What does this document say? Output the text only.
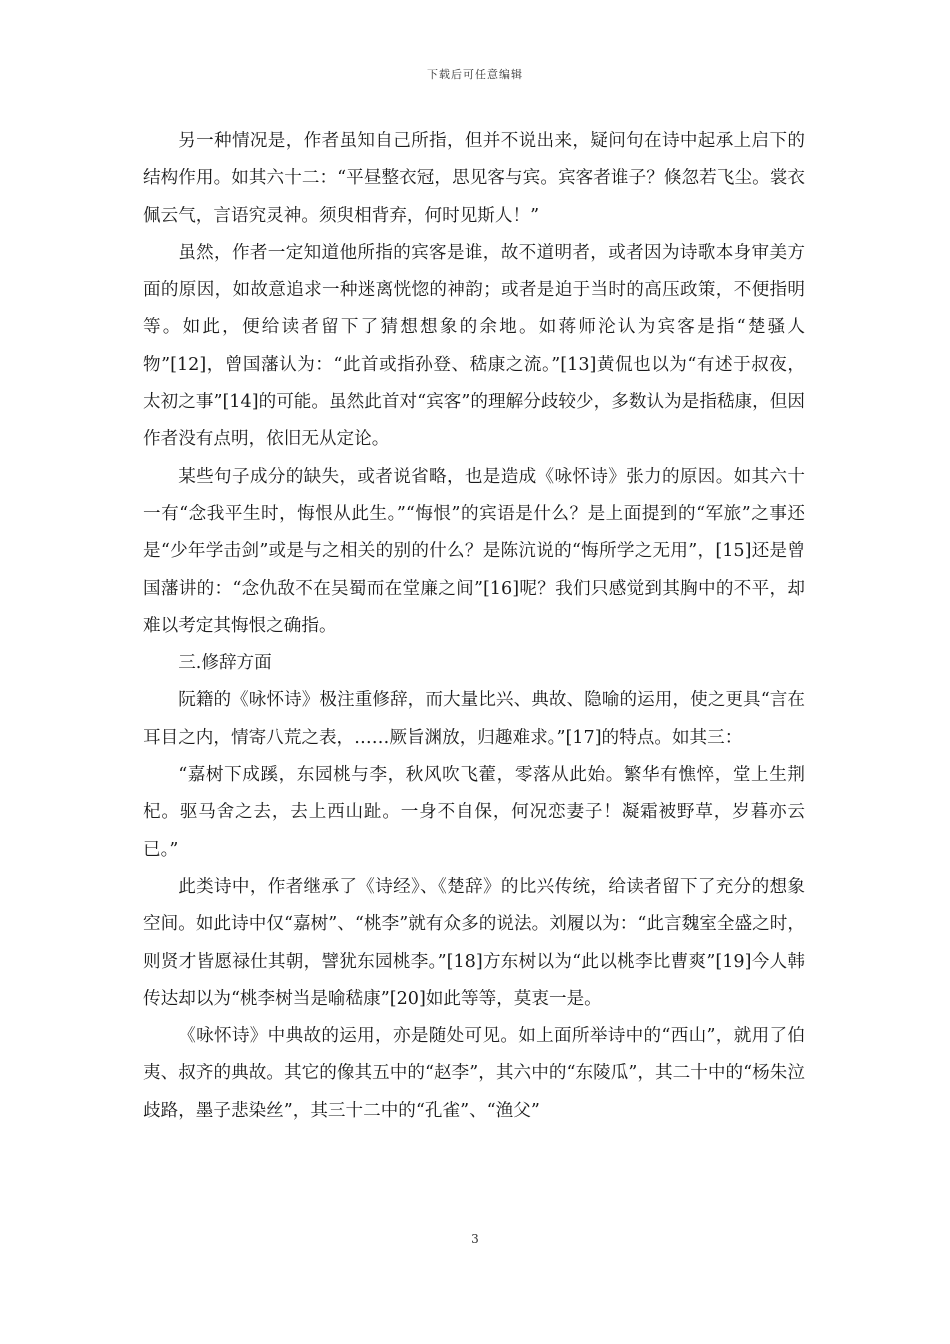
下载后可任意编辑

另一种情况是，作者虽知自己所指，但并不说出来，疑问句在诗中起承上启下的结构作用。如其六十二：“平昼整衣冠，思见客与宾。宾客者谁子？倏忽若飞尘。裳衣佩云气，言语究灵神。须臾相背弃，何时见斯人！”

虽然，作者一定知道他所指的宾客是谁，故不道明者，或者因为诗歌本身审美方面的原因，如故意追求一种迷离恍惚的神韵；或者是迫于当时的高压政策，不便指明等。如此，便给读者留下了猜想想象的余地。如蒋师沦认为宾客是指“楚骚人物”[12]，曾国藩认为：“此首或指孙登、嵇康之流。”[13]黄侃也以为“有述于叔夜，太初之事”[14]的可能。虽然此首对“宾客”的理解分歧较少，多数认为是指嵇康，但因作者没有点明，依旧无从定论。

某些句子成分的缺失，或者说省略，也是造成《咏怀诗》张力的原因。如其六十一有“念我平生时，悔恨从此生。”“悔恨”的宾语是什么？是上面提到的“军旅”之事还是“少年学击剑”或是与之相关的别的什么？是陈沆说的“悔所学之无用”，[15]还是曾国藩讲的：“念仇敌不在吴蜀而在堂廉之间”[16]呢？我们只感觉到其胸中的不平，却难以考定其悔恨之确指。

三.修辞方面

阮籍的《咏怀诗》极注重修辞，而大量比兴、典故、隐喻的运用，使之更具“言在耳目之内，情寄八荒之表，……厥旨渊放，归趣难求。”[17]的特点。如其三：

“嘉树下成蹊，东园桃与李，秋风吹飞藿，零落从此始。繁华有憔悴，堂上生荆杞。驱马舍之去，去上西山趾。一身不自保，何况恋妻子！凝霜被野草，岁暮亦云已。”

此类诗中，作者继承了《诗经》、《楚辞》的比兴传统，给读者留下了充分的想象空间。如此诗中仅“嘉树”、“桃李”就有众多的说法。刘履以为：“此言魏室全盛之时，则贤才皆愿禄仕其朝，譬犹东园桃李。”[18]方东树以为“此以桃李比曹爽”[19]今人韩传达却以为“桃李树当是喻嵇康”[20]如此等等，莫衷一是。

《咏怀诗》中典故的运用，亦是随处可见。如上面所举诗中的“西山”，就用了伯夷、叔齐的典故。其它的像其五中的“赵李”，其六中的“东陵瓜”，其二十中的“杨朱泣歧路，墨子悲染丝”，其三十二中的“孔雀”、“渔父”

3
